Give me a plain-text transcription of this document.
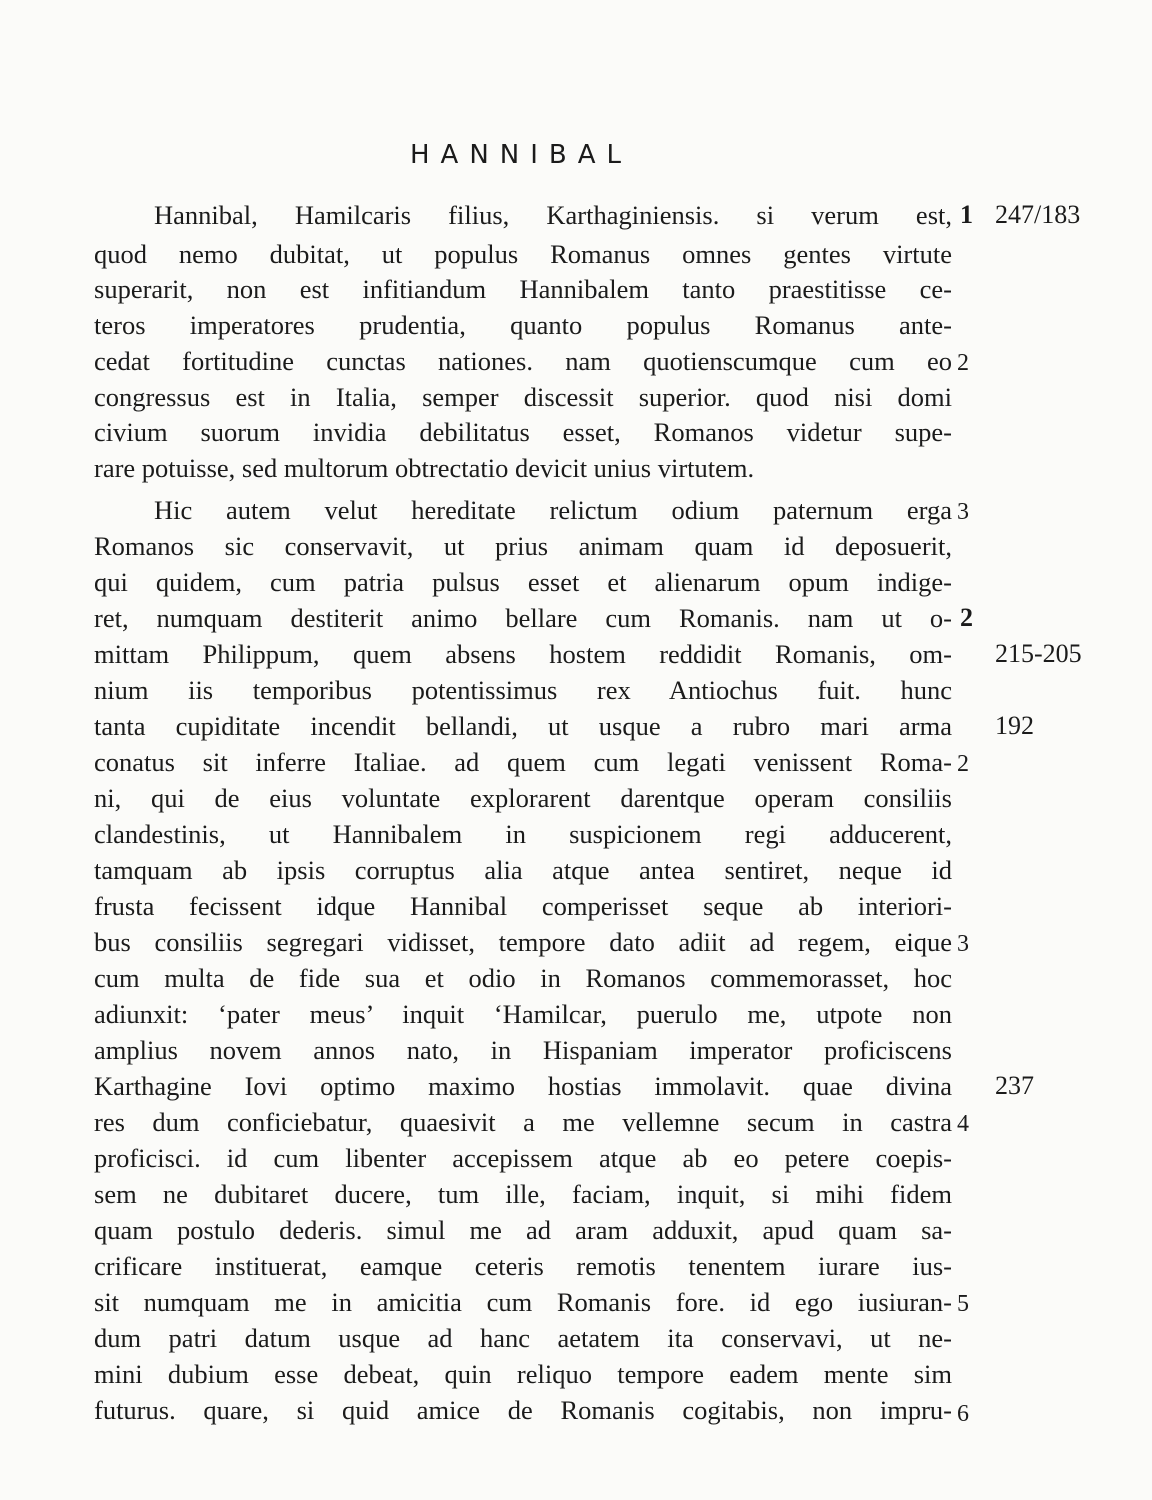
HANNIBAL
Hannibal, Hamilcaris filius, Karthaginiensis. si verum est,
quod nemo dubitat, ut populus Romanus omnes gentes virtute
superarit, non est infitiandum Hannibalem tanto praestitisse ce-
teros imperatores prudentia, quanto populus Romanus ante-
cedat fortitudine cunctas nationes. nam quotienscumque cum eo
congressus est in Italia, semper discessit superior. quod nisi domi
civium suorum invidia debilitatus esset, Romanos videtur supe-
rare potuisse, sed multorum obtrectatio devicit unius virtutem.
Hic autem velut hereditate relictum odium paternum erga
Romanos sic conservavit, ut prius animam quam id deposuerit,
qui quidem, cum patria pulsus esset et alienarum opum indige-
ret, numquam destiterit animo bellare cum Romanis. nam ut o-
mittam Philippum, quem absens hostem reddidit Romanis, om-
nium iis temporibus potentissimus rex Antiochus fuit. hunc
tanta cupiditate incendit bellandi, ut usque a rubro mari arma
conatus sit inferre Italiae. ad quem cum legati venissent Roma-
ni, qui de eius voluntate explorarent darentque operam consiliis
clandestinis, ut Hannibalem in suspicionem regi adducerent,
tamquam ab ipsis corruptus alia atque antea sentiret, neque id
frusta fecissent idque Hannibal comperisset seque ab interiori-
bus consiliis segregari vidisset, tempore dato adiit ad regem, eique
cum multa de fide sua et odio in Romanos commemorasset, hoc
adiunxit: ‘pater meus’ inquit ‘Hamilcar, puerulo me, utpote non
amplius novem annos nato, in Hispaniam imperator proficiscens
Karthagine Iovi optimo maximo hostias immolavit. quae divina
res dum conficiebatur, quaesivit a me vellemne secum in castra
proficisci. id cum libenter accepissem atque ab eo petere coepis-
sem ne dubitaret ducere, tum ille, faciam, inquit, si mihi fidem
quam postulo dederis. simul me ad aram adduxit, apud quam sa-
crificare instituerat, eamque ceteris remotis tenentem iurare ius-
sit numquam me in amicitia cum Romanis fore. id ego iusiuran-
dum patri datum usque ad hanc aetatem ita conservavi, ut ne-
mini dubium esse debeat, quin reliquo tempore eadem mente sim
futurus. quare, si quid amice de Romanis cogitabis, non impru-
1
2
2
3
2
3
4
5
6
247/183
215-205
192
237
